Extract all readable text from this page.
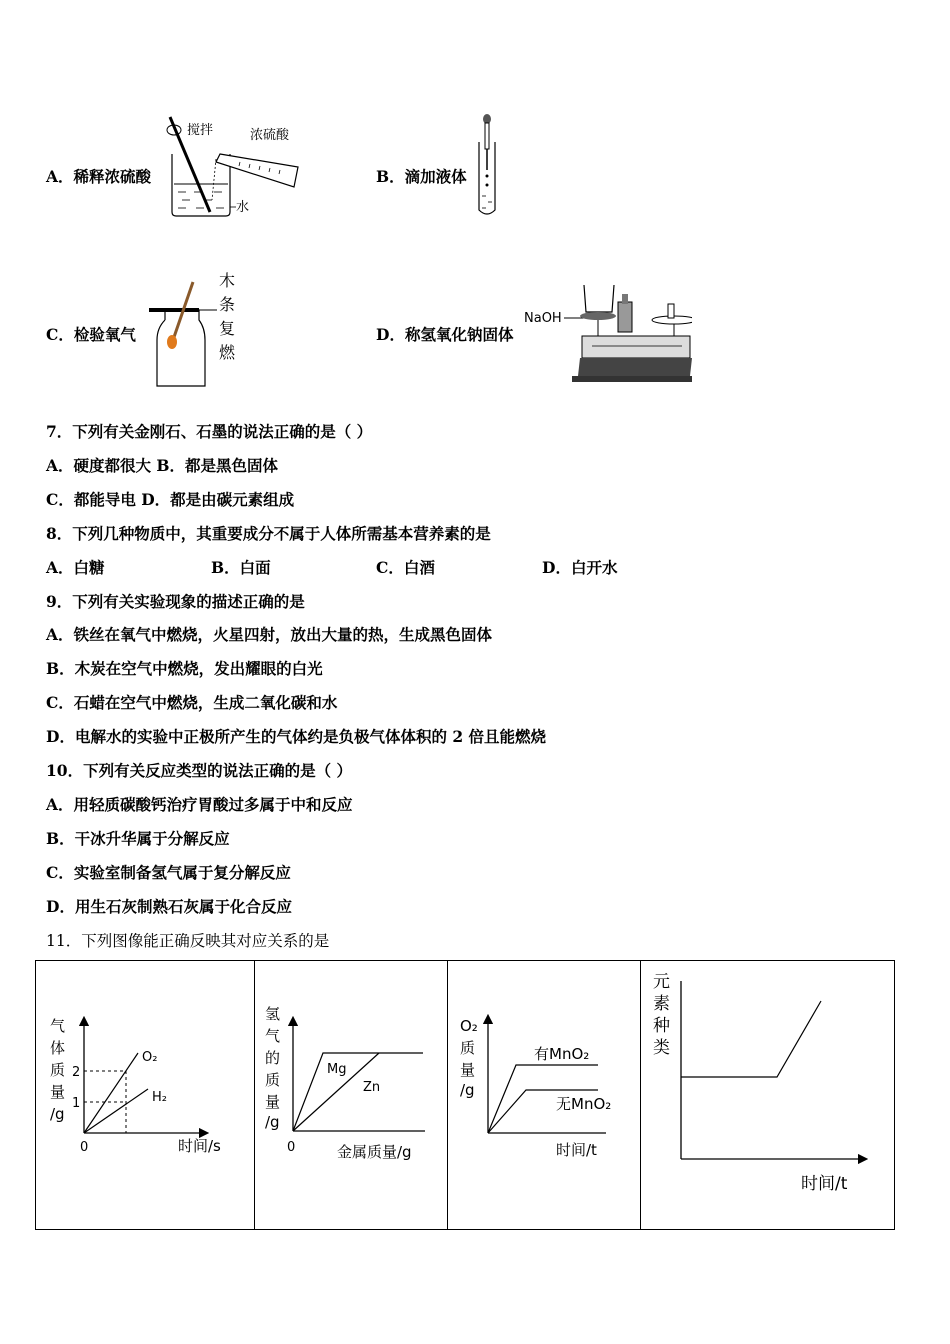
A．稀释浓硫酸
搅拌	浓硫酸
水
B．滴加液体
C．检验氧气
木
条
复
燃
D．称氢氧化钠固体
NaOH
7．下列有关金刚石、石墨的说法正确的是（ ）
A．硬度都很大 B．都是黑色固体
C．都能导电 D．都是由碳元素组成
8．下列几种物质中，其重要成分不属于人体所需基本营养素的是
A．白糖	B．白面	C．白酒	D．白开水
9．下列有关实验现象的描述正确的是
A．铁丝在氧气中燃烧，火星四射，放出大量的热，生成黑色固体
B．木炭在空气中燃烧，发出耀眼的白光
C．石蜡在空气中燃烧，生成二氧化碳和水
D．电解水的实验中正极所产生的气体约是负极气体体积的 2 倍且能燃烧
10．下列有关反应类型的说法正确的是（ ）
A．用轻质碳酸钙治疗胃酸过多属于中和反应
B．干冰升华属于分解反应
C．实验室制备氢气属于复分解反应
D．用生石灰制熟石灰属于化合反应
11．下列图像能正确反映其对应关系的是
气
体
质
量
/g
2
1
0
O₂
H₂
时间/s
氢
气
的
质
量
/g
Mg
Zn
0	金属质量/g
O₂
质
量
/g
有MnO₂
无MnO₂
时间/t
元
素
种
类
时间/t
